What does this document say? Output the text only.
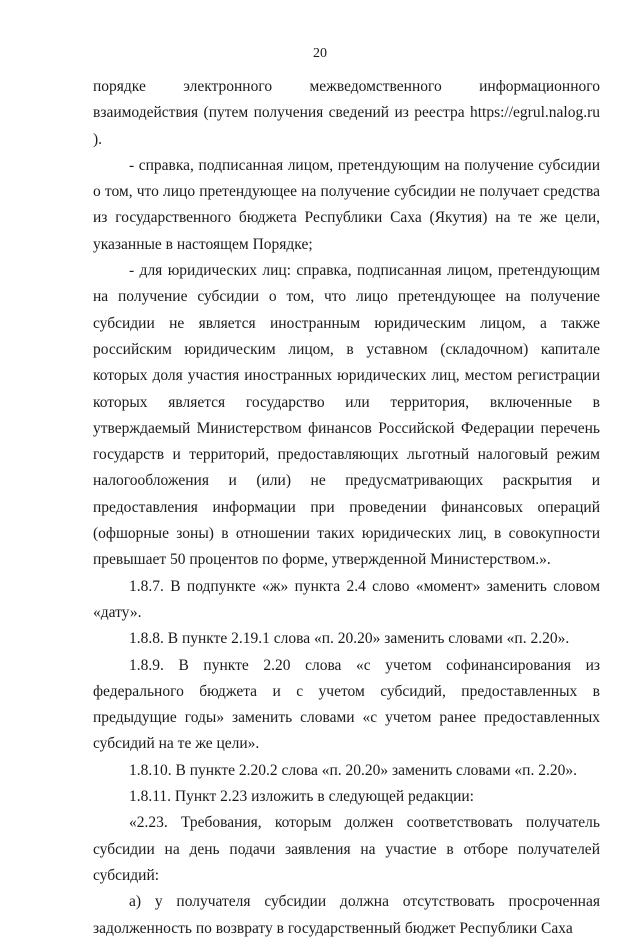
20

порядке электронного межведомственного информационного взаимодействия (путем получения сведений из реестра https://egrul.nalog.ru ).

- справка, подписанная лицом, претендующим на получение субсидии о том, что лицо претендующее на получение субсидии не получает средства из государственного бюджета Республики Саха (Якутия) на те же цели, указанные в настоящем Порядке;

- для юридических лиц: справка, подписанная лицом, претендующим на получение субсидии о том, что лицо претендующее на получение субсидии не является иностранным юридическим лицом, а также российским юридическим лицом, в уставном (складочном) капитале которых доля участия иностранных юридических лиц, местом регистрации которых является государство или территория, включенные в утверждаемый Министерством финансов Российской Федерации перечень государств и территорий, предоставляющих льготный налоговый режим налогообложения и (или) не предусматривающих раскрытия и предоставления информации при проведении финансовых операций (офшорные зоны) в отношении таких юридических лиц, в совокупности превышает 50 процентов по форме, утвержденной Министерством.».

1.8.7. В подпункте «ж» пункта 2.4 слово «момент» заменить словом «дату».

1.8.8. В пункте 2.19.1 слова «п. 20.20» заменить словами «п. 2.20».

1.8.9. В пункте 2.20 слова «с учетом софинансирования из федерального бюджета и с учетом субсидий, предоставленных в предыдущие годы» заменить словами «с учетом ранее предоставленных субсидий на те же цели».

1.8.10. В пункте 2.20.2 слова «п. 20.20» заменить словами «п. 2.20».

1.8.11. Пункт 2.23 изложить в следующей редакции:

«2.23. Требования, которым должен соответствовать получатель субсидии на день подачи заявления на участие в отборе получателей субсидий:

а) у получателя субсидии должна отсутствовать просроченная задолженность по возврату в государственный бюджет Республики Саха
